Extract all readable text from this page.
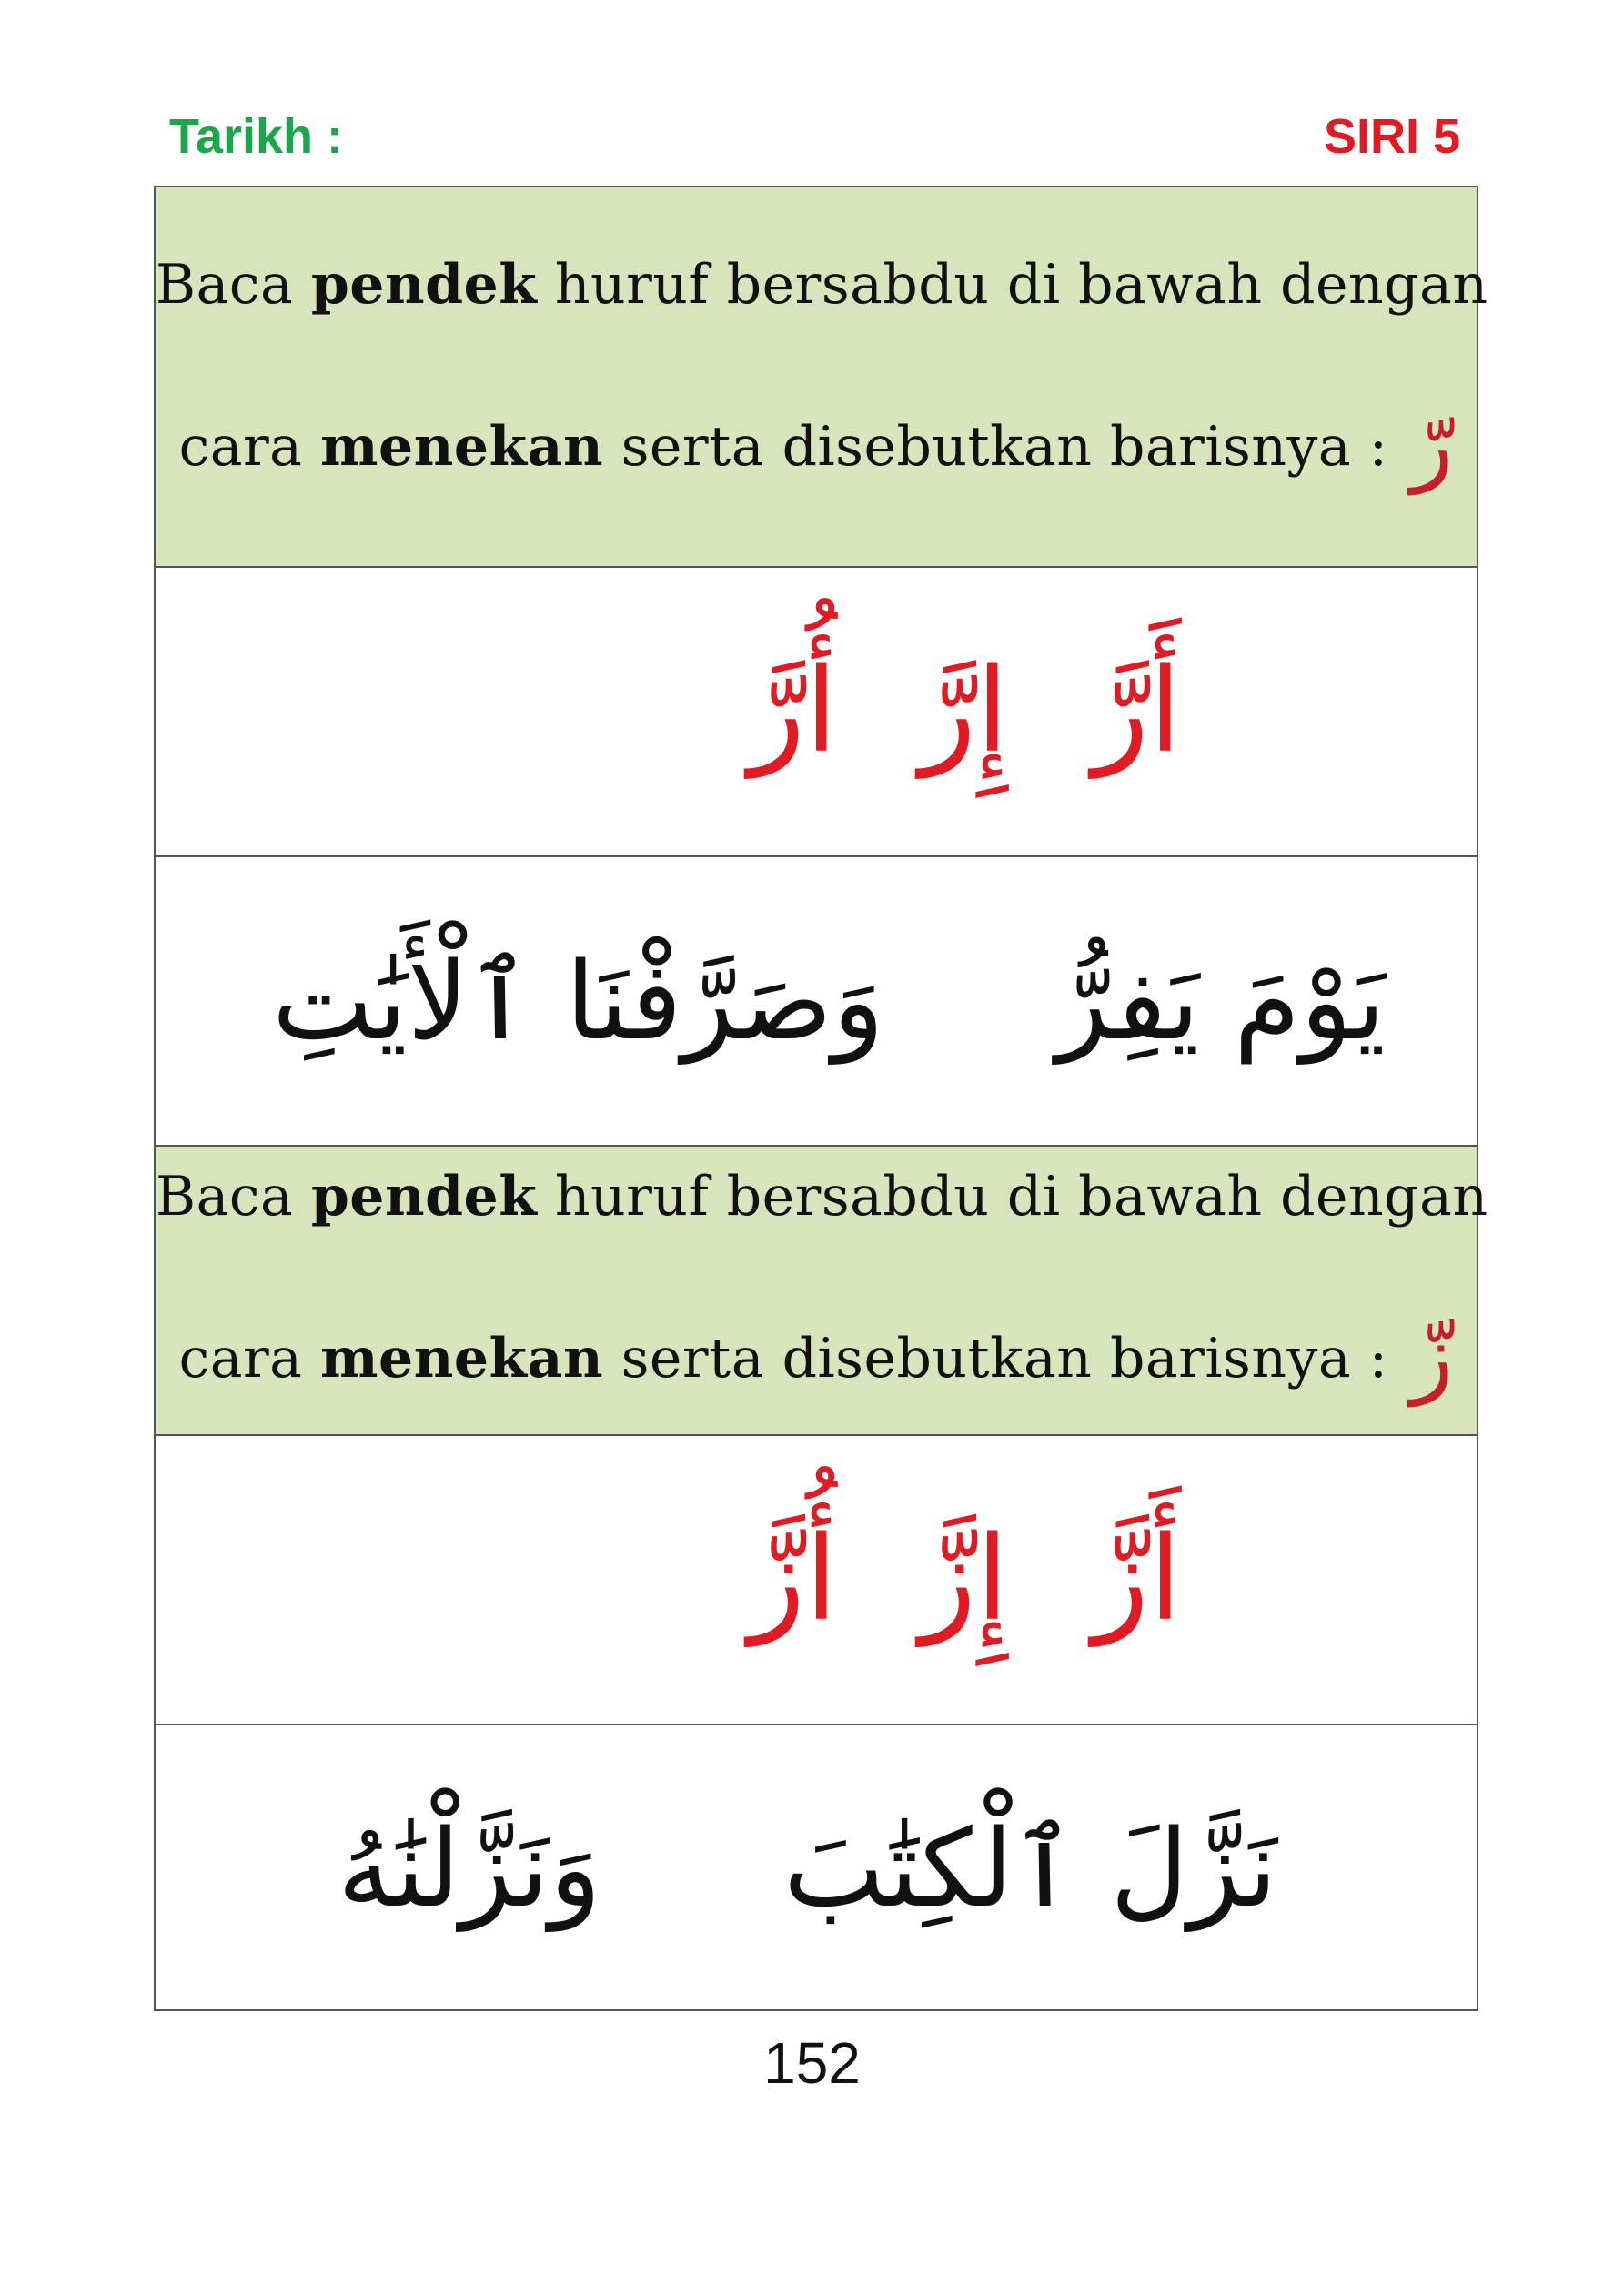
Tarikh :	SIRI 5
Baca pendek huruf bersabdu di bawah dengan
cara menekan serta disebutkan barisnya : رّ
أَرَّ
إِرَّ
أُرَّ
يَوْمَ يَفِرُّ
وَصَرَّفْنَا ٱلْأَيَٰتِ
Baca pendek huruf bersabdu di bawah dengan
cara menekan serta disebutkan barisnya : زّ
أَزَّ
إِزَّ
أُزَّ
نَزَّلَ ٱلْكِتَٰبَ
وَنَزَّلْنَٰهُ
152
